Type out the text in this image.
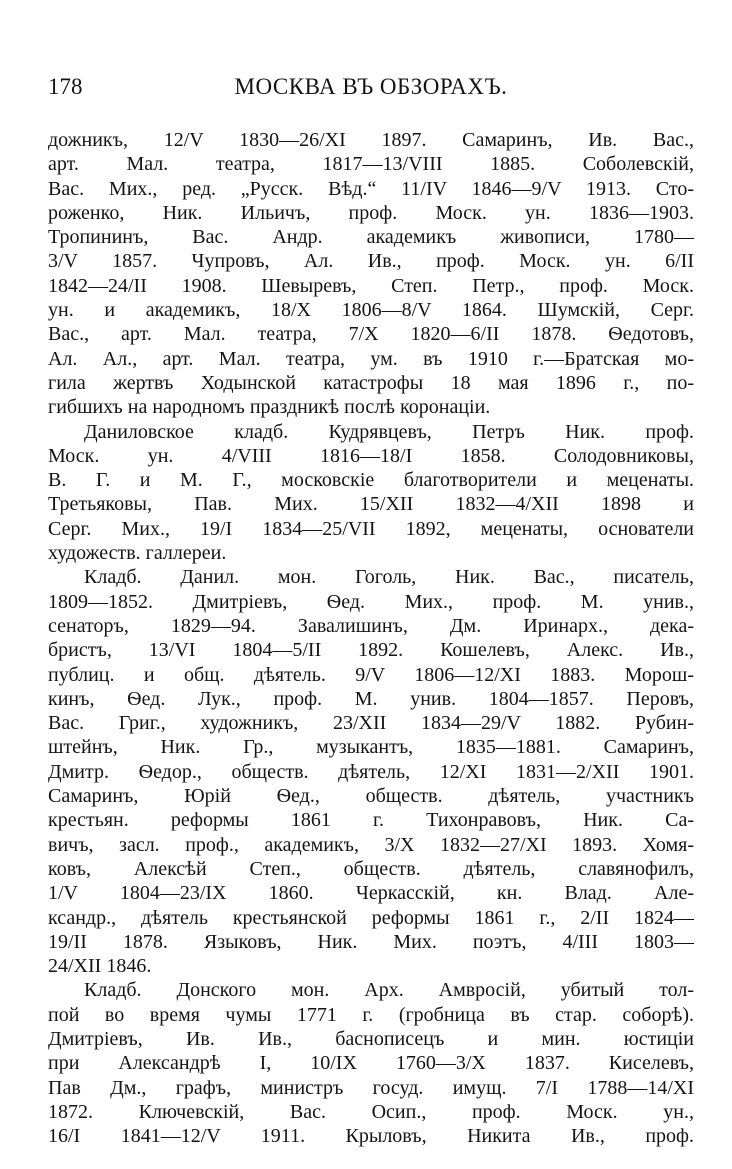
178	МОСКВА ВЪ ОБЗОРАХЪ.
дожникъ, 12/V 1830—26/XI 1897. Самаринъ, Ив. Вас.,
арт. Мал. театра, 1817—13/VIII 1885. Соболевскій,
Вас. Мих., ред. „Русск. Вѣд.“ 11/IV 1846—9/V 1913. Сто-
роженко, Ник. Ильичъ, проф. Моск. ун. 1836—1903.
Тропининъ, Вас. Андр. академикъ живописи, 1780—
3/V 1857. Чупровъ, Ал. Ив., проф. Моск. ун. 6/II
1842—24/II 1908. Шевыревъ, Степ. Петр., проф. Моск.
ун. и академикъ, 18/X 1806—8/V 1864. Шумскій, Серг.
Вас., арт. Мал. театра, 7/X 1820—6/II 1878. Ѳедотовъ,
Ал. Ал., арт. Мал. театра, ум. въ 1910 г.—Братская мо-
гила жертвъ Ходынской катастрофы 18 мая 1896 г., по-
гибшихъ на народномъ праздникѣ послѣ коронаціи.
Даниловское кладб. Кудрявцевъ, Петръ Ник. проф.
Моск. ун. 4/VIII 1816—18/I 1858. Солодовниковы,
В. Г. и М. Г., московскіе благотворители и меценаты.
Третьяковы, Пав. Мих. 15/XII 1832—4/XII 1898 и
Серг. Мих., 19/I 1834—25/VII 1892, меценаты, основатели
художеств. галлереи.
Кладб. Данил. мон. Гоголь, Ник. Вас., писатель,
1809—1852. Дмитріевъ, Ѳед. Мих., проф. М. унив.,
сенаторъ, 1829—94. Завалишинъ, Дм. Иринарх., дека-
бристъ, 13/VI 1804—5/II 1892. Кошелевъ, Алекс. Ив.,
публиц. и общ. дѣятель. 9/V 1806—12/XI 1883. Морош-
кинъ, Ѳед. Лук., проф. М. унив. 1804—1857. Перовъ,
Вас. Григ., художникъ, 23/XII 1834—29/V 1882. Рубин-
штейнъ, Ник. Гр., музыкантъ, 1835—1881. Самаринъ,
Дмитр. Ѳедор., обществ. дѣятель, 12/XI 1831—2/XII 1901.
Самаринъ, Юрій Ѳед., обществ. дѣятель, участникъ
крестьян. реформы 1861 г. Тихонравовъ, Ник. Са-
вичъ, засл. проф., академикъ, 3/X 1832—27/XI 1893. Хомя-
ковъ, Алексѣй Степ., обществ. дѣятель, славянофилъ,
1/V 1804—23/IX 1860. Черкасскій, кн. Влад. Але-
ксандр., дѣятель крестьянской реформы 1861 г., 2/II 1824—
19/II 1878. Языковъ, Ник. Мих. поэтъ, 4/III 1803—
24/XII 1846.
Кладб. Донского мон. Арх. Амвросій, убитый тол-
пой во время чумы 1771 г. (гробница въ стар. соборѣ).
Дмитріевъ, Ив. Ив., баснописецъ и мин. юстиціи
при Александрѣ I, 10/IX 1760—3/X 1837. Киселевъ,
Пав Дм., графъ, министръ госуд. имущ. 7/I 1788—14/XI
1872. Ключевскій, Вас. Осип., проф. Моск. ун.,
16/I 1841—12/V 1911. Крыловъ, Никита Ив., проф.
